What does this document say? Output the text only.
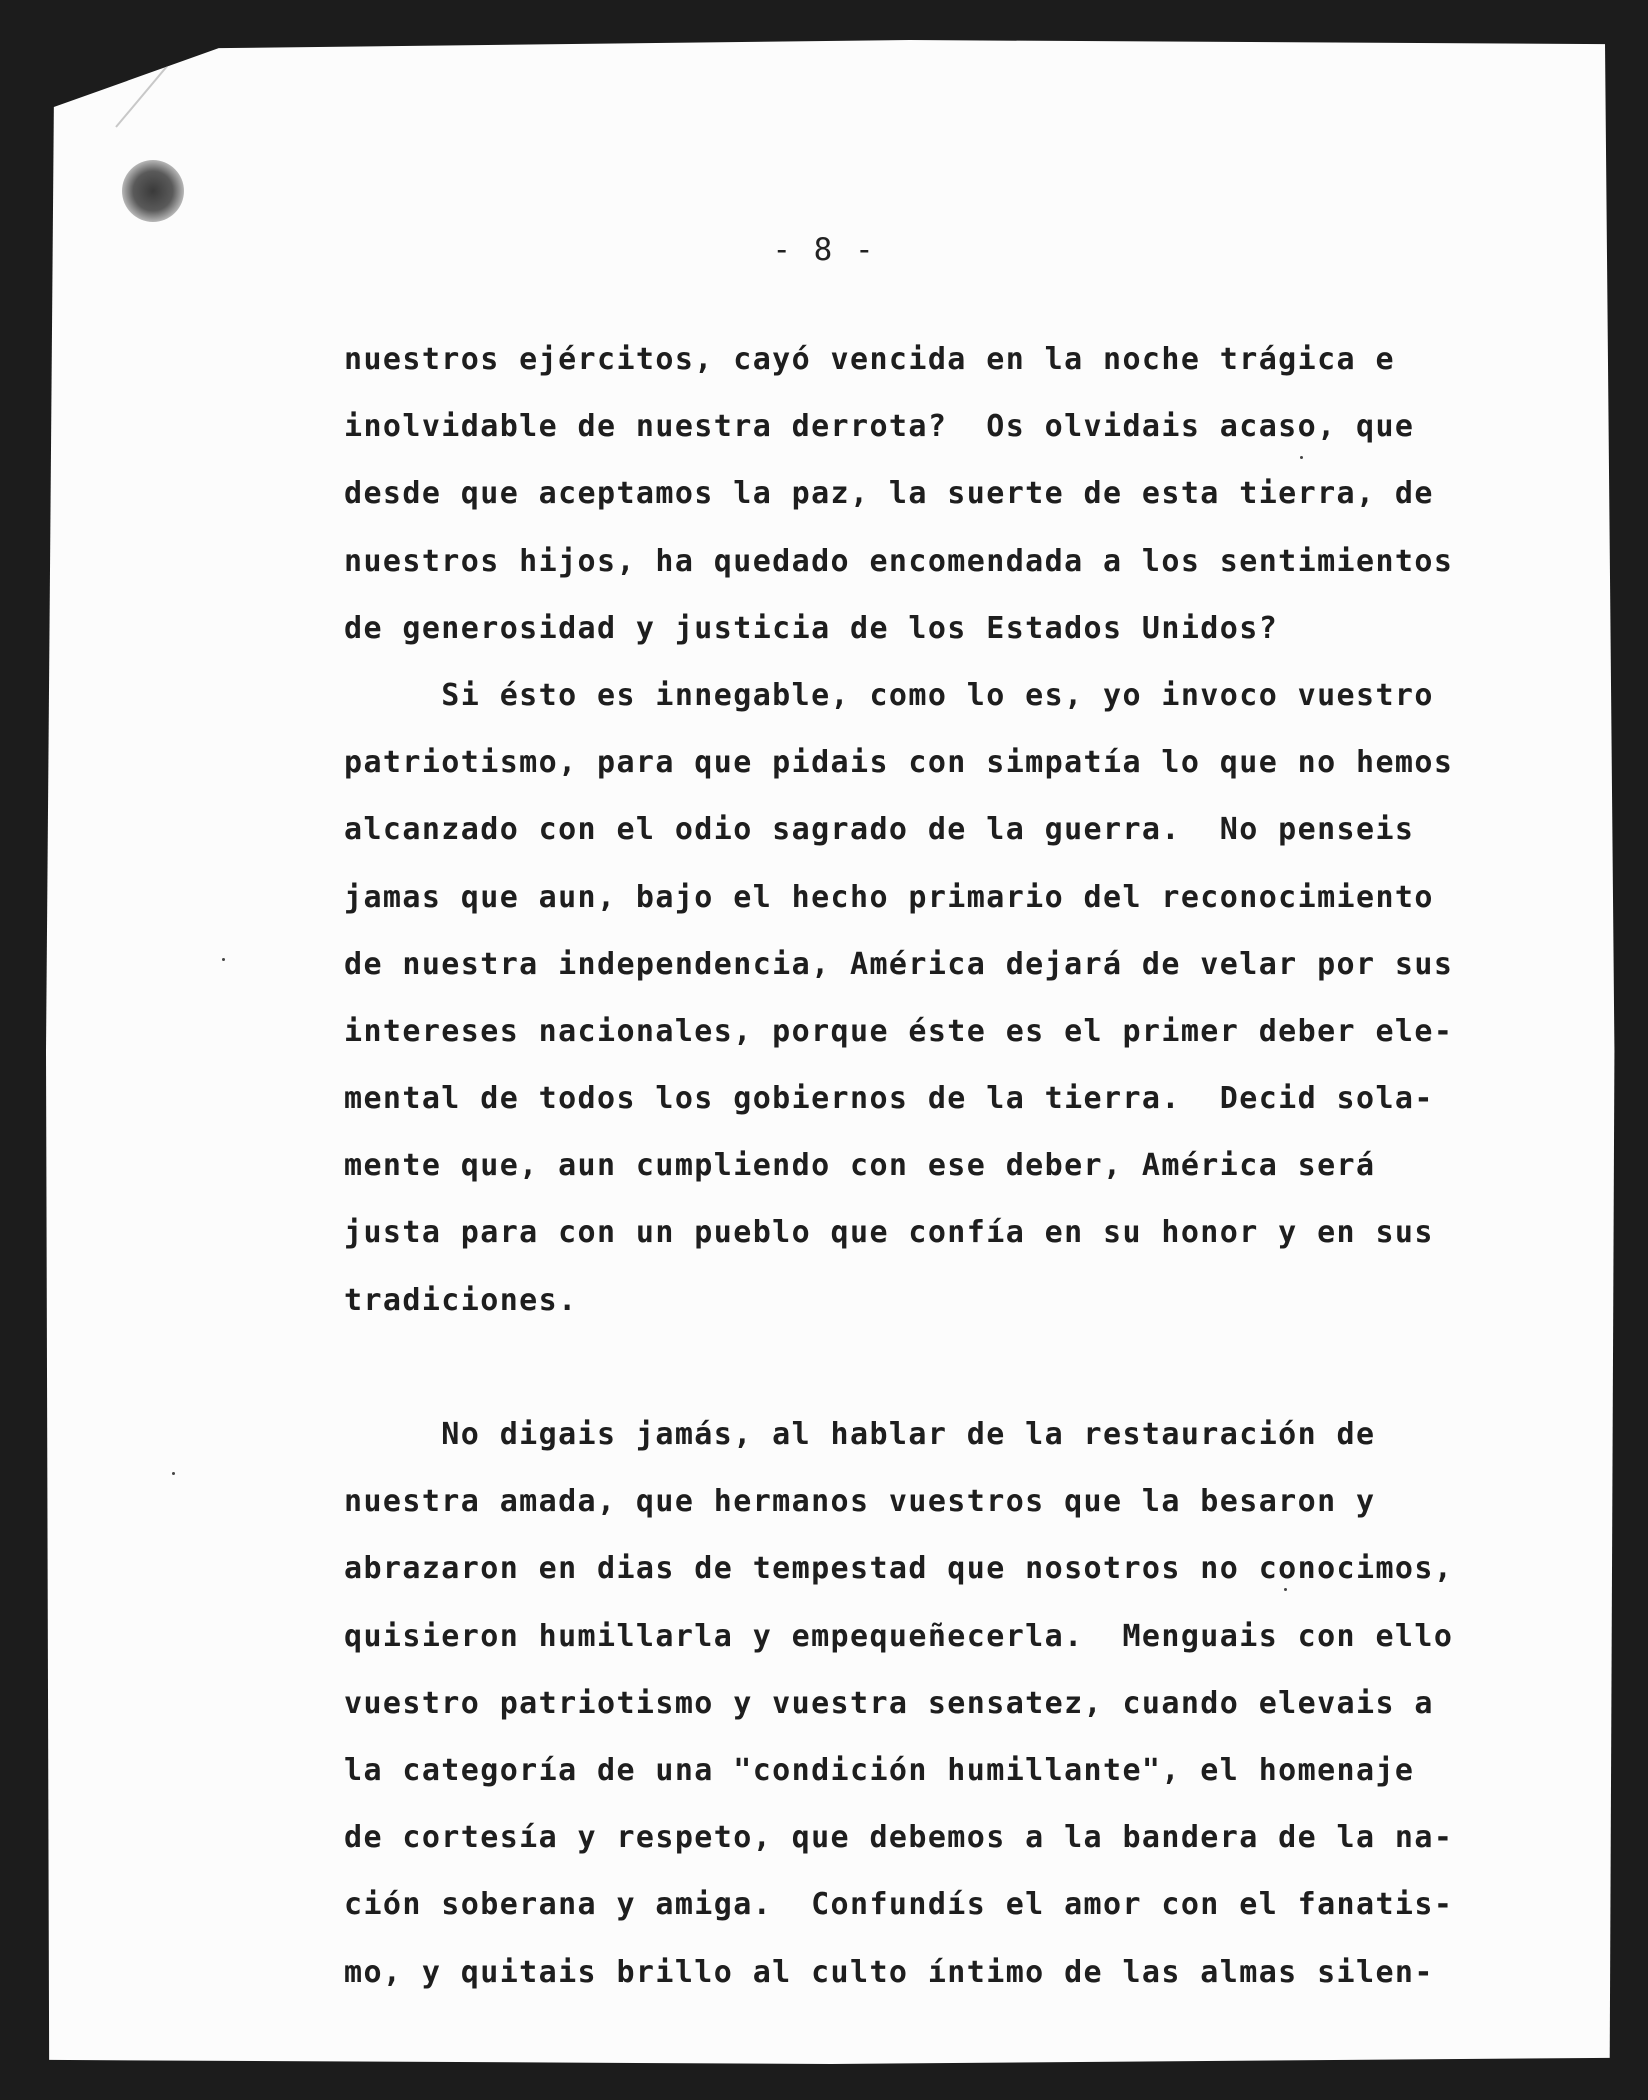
- 8 -
nuestros ejércitos, cayó vencida en la noche trágica e
inolvidable de nuestra derrota?  Os olvidais acaso, que
desde que aceptamos la paz, la suerte de esta tierra, de
nuestros hijos, ha quedado encomendada a los sentimientos
de generosidad y justicia de los Estados Unidos?
Si ésto es innegable, como lo es, yo invoco vuestro
patriotismo, para que pidais con simpatía lo que no hemos
alcanzado con el odio sagrado de la guerra.  No penseis
jamas que aun, bajo el hecho primario del reconocimiento
de nuestra independencia, América dejará de velar por sus
intereses nacionales, porque éste es el primer deber ele-
mental de todos los gobiernos de la tierra.  Decid sola-
mente que, aun cumpliendo con ese deber, América será
justa para con un pueblo que confía en su honor y en sus
tradiciones.
No digais jamás, al hablar de la restauración de
nuestra amada, que hermanos vuestros que la besaron y
abrazaron en dias de tempestad que nosotros no conocimos,
quisieron humillarla y empequeñecerla.  Menguais con ello
vuestro patriotismo y vuestra sensatez, cuando elevais a
la categoría de una "condición humillante", el homenaje
de cortesía y respeto, que debemos a la bandera de la na-
ción soberana y amiga.  Confundís el amor con el fanatis-
mo, y quitais brillo al culto íntimo de las almas silen-
